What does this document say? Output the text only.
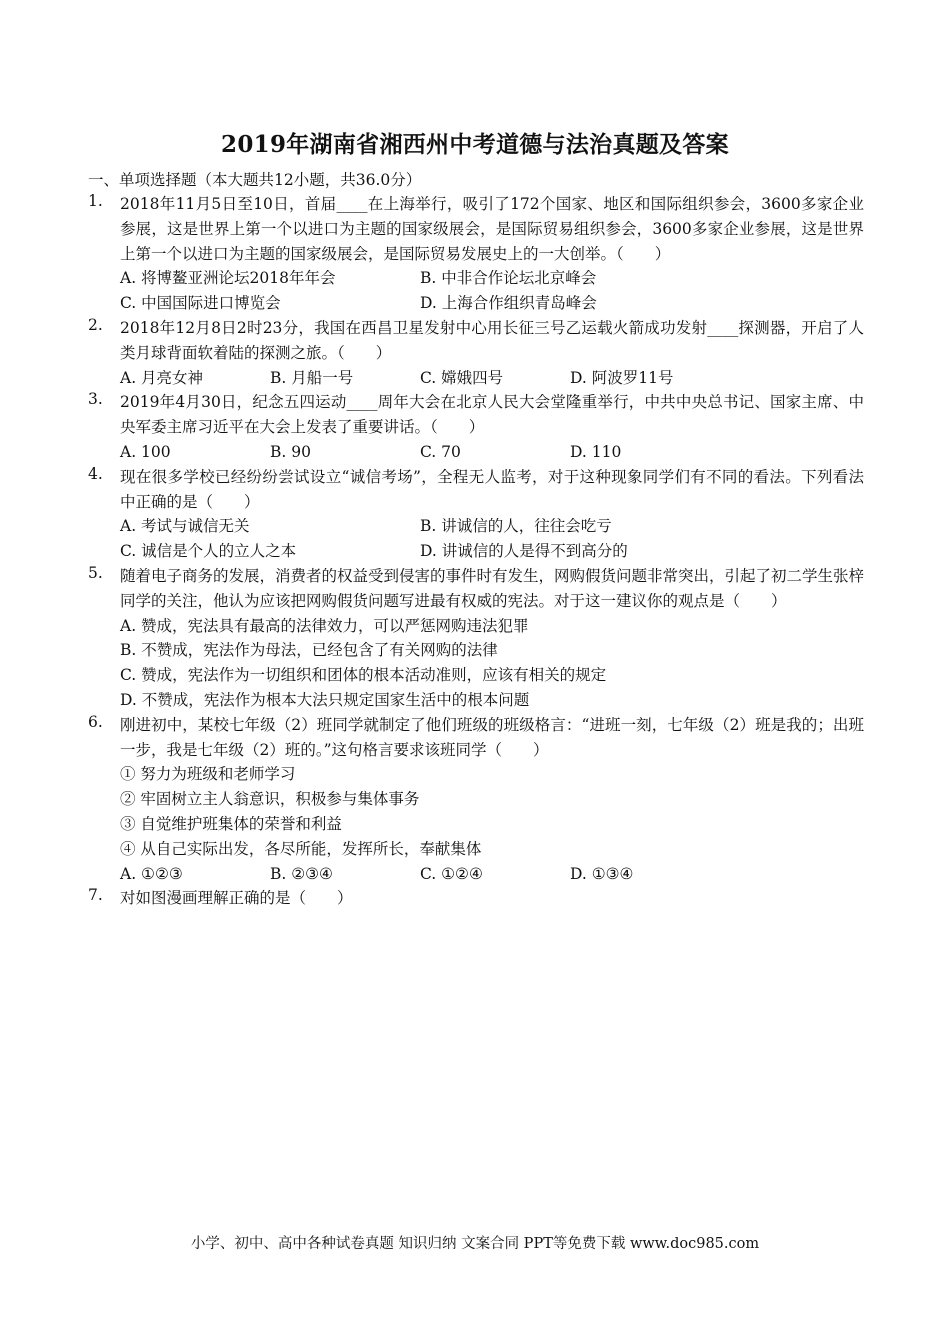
2019年湖南省湘西州中考道德与法治真题及答案
一、单项选择题（本大题共12小题，共36.0分）
1. 2018年11月5日至10日，首届____在上海举行，吸引了172个国家、地区和国际组织参会，3600多家企业参展，这是世界上第一个以进口为主题的国家级展会，是国际贸易组织参会，3600多家企业参展，这是世界上第一个以进口为主题的国家级展会，是国际贸易发展史上的一大创举。（　　）
A. 将博鳌亚洲论坛2018年年会	B. 中非合作论坛北京峰会
C. 中国国际进口博览会	D. 上海合作组织青岛峰会
2. 2018年12月8日2时23分，我国在西昌卫星发射中心用长征三号乙运载火箭成功发射____探测器，开启了人类月球背面软着陆的探测之旅。（　　）
A. 月亮女神	B. 月船一号	C. 嫦娥四号	D. 阿波罗11号
3. 2019年4月30日，纪念五四运动____周年大会在北京人民大会堂隆重举行，中共中央总书记、国家主席、中央军委主席习近平在大会上发表了重要讲话。（　　）
A. 100	B. 90	C. 70	D. 110
4. 现在很多学校已经纷纷尝试设立“诚信考场”，全程无人监考，对于这种现象同学们有不同的看法。下列看法中正确的是（　　）
A. 考试与诚信无关	B. 讲诚信的人，往往会吃亏
C. 诚信是个人的立人之本	D. 讲诚信的人是得不到高分的
5. 随着电子商务的发展，消费者的权益受到侵害的事件时有发生，网购假货问题非常突出，引起了初二学生张梓同学的关注，他认为应该把网购假货问题写进最有权威的宪法。对于这一建议你的观点是（　　）
A. 赞成，宪法具有最高的法律效力，可以严惩网购违法犯罪
B. 不赞成，宪法作为母法，已经包含了有关网购的法律
C. 赞成，宪法作为一切组织和团体的根本活动准则，应该有相关的规定
D. 不赞成，宪法作为根本大法只规定国家生活中的根本问题
6. 刚进初中，某校七年级（2）班同学就制定了他们班级的班级格言：“进班一刻，七年级（2）班是我的；出班一步，我是七年级（2）班的。”这句格言要求该班同学（　　）
① 努力为班级和老师学习
② 牢固树立主人翁意识，积极参与集体事务
③ 自觉维护班集体的荣誉和利益
④ 从自己实际出发，各尽所能，发挥所长，奉献集体
A. ①②③	B. ②③④	C. ①②④	D. ①③④
7. 对如图漫画理解正确的是（　　）
小学、初中、高中各种试卷真题 知识归纳 文案合同 PPT等免费下载 www.doc985.com
